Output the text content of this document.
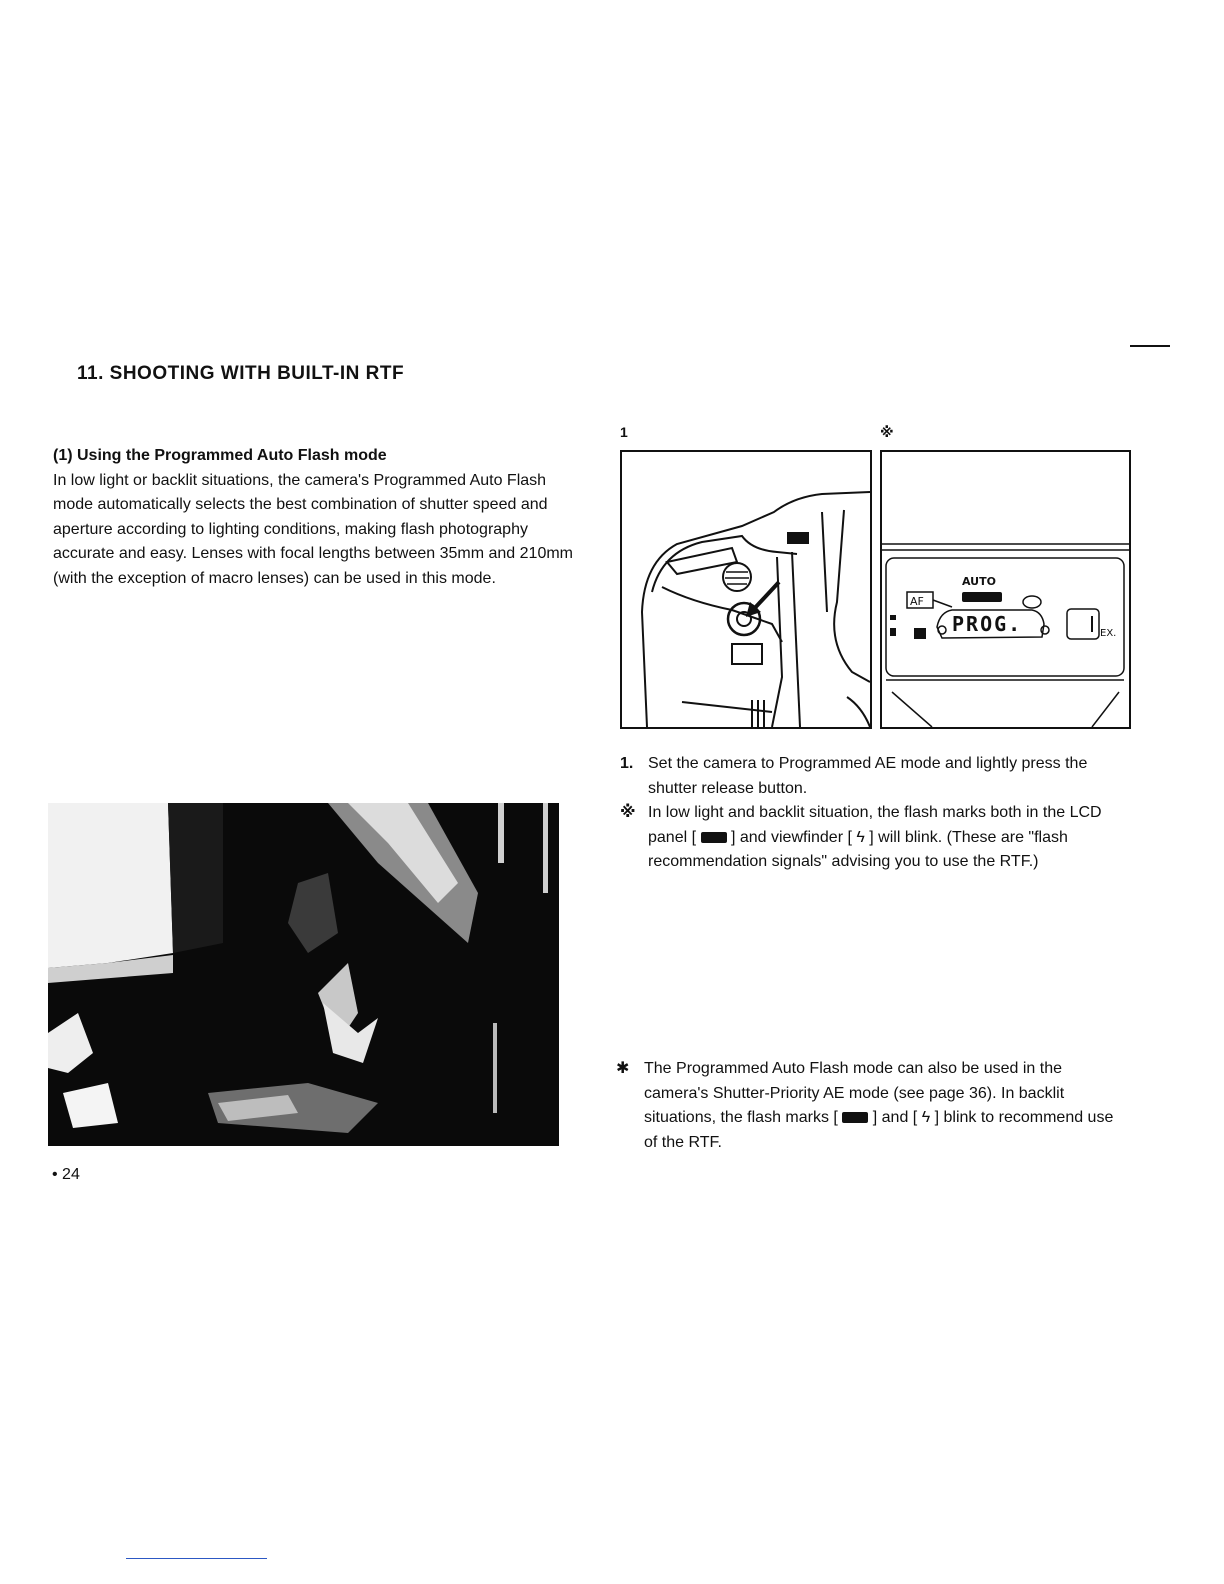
11. SHOOTING WITH BUILT-IN RTF

(1) Using the Programmed Auto Flash mode

In low light or backlit situations, the camera's Programmed Auto Flash mode automatically selects the best combination of shutter speed and aperture according to lighting conditions, making flash photography accurate and easy. Lenses with focal lengths between 35mm and 210mm (with the exception of macro lenses) can be used in this mode.

1	※
AF
AUTO
PROG.	EX.
1. Set the camera to Programmed AE mode and lightly press the shutter release button.
※ In low light and backlit situation, the flash marks both in the LCD panel [ ] and viewfinder [ ϟ ] will blink. (These are "flash recommendation signals" advising you to use the RTF.)
✱ The Programmed Auto Flash mode can also be used in the camera's Shutter-Priority AE mode (see page 36). In backlit situations, the flash marks [ ] and [ ϟ ] blink to recommend use of the RTF.
• 24
